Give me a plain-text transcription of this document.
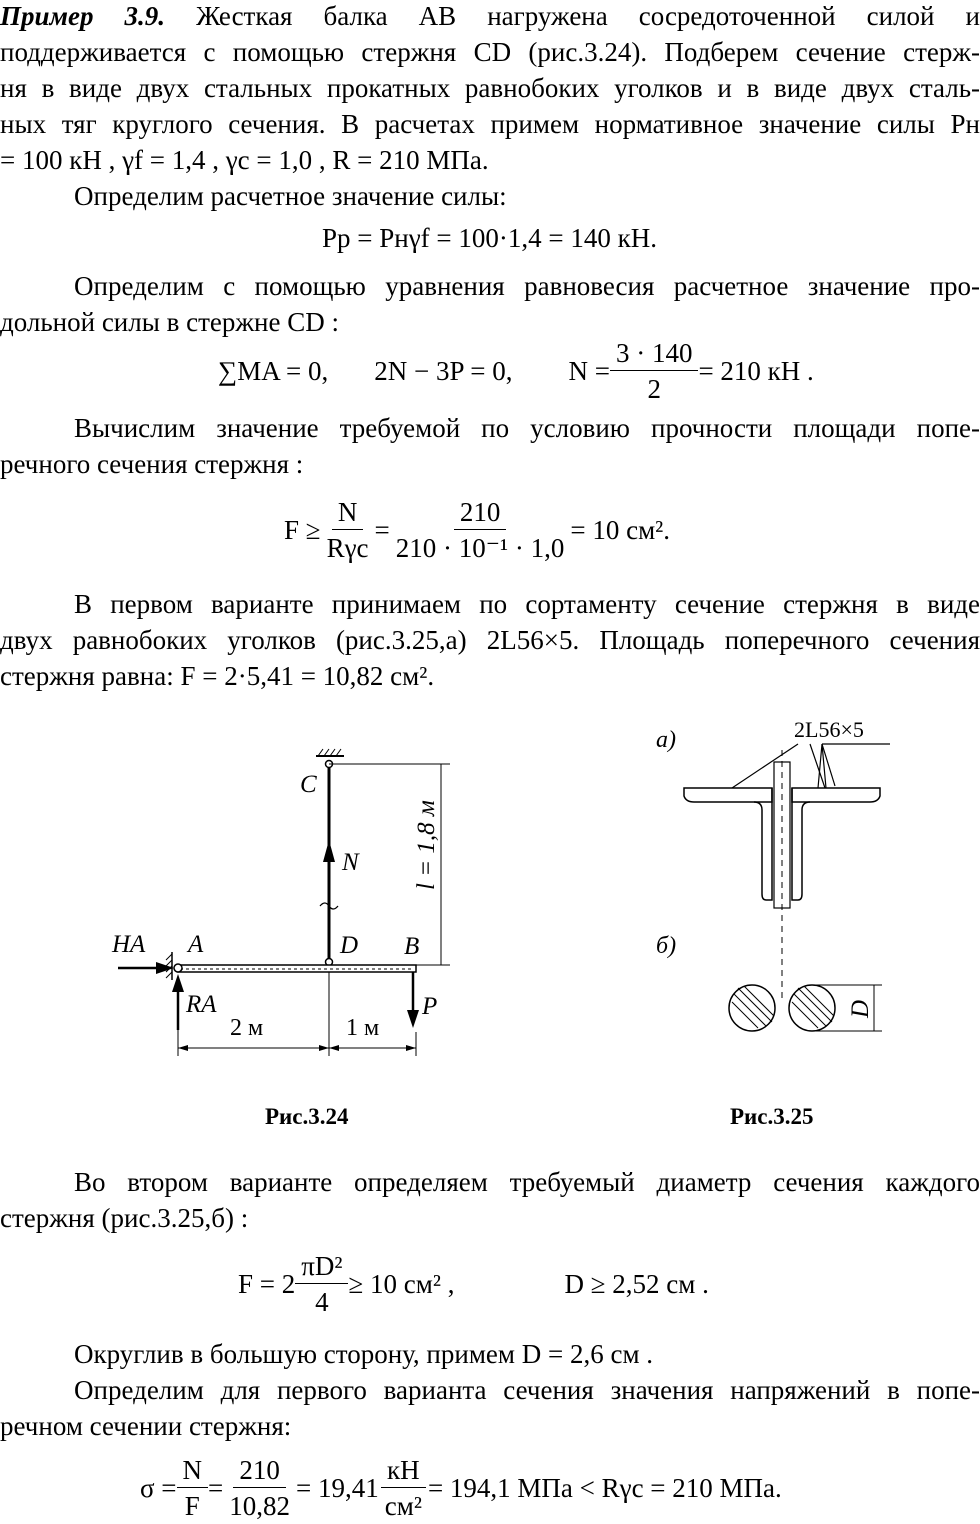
Пример 3.9. Жесткая балка AB нагружена сосредоточенной силой и
поддерживается с помощью стержня CD (рис.3.24). Подберем сечение стерж-
ня в виде двух стальных прокатных равнобоких уголков и в виде двух сталь-
ных тяг круглого сечения. В расчетах примем нормативное значение силы Pн
= 100 кН , γf = 1,4 , γc = 1,0 , R = 210 МПа.
Определим расчетное значение силы:
Pр = Pнγf = 100·1,4 = 140 кН.
Определим с помощью уравнения равновесия расчетное значение про-
дольной силы в стержне CD :
∑MA = 0, 2N − 3P = 0, $N = \frac{3 \cdot 140}{2} = 210$ кН .
Вычислим значение требуемой по условию прочности площади попе-
речного сечения стержня :
$F \ge \frac{N}{\text{Rγc}} = \frac{210}{\text{210 · 10⁻¹ · 1,0}} = 10$ см².
В первом варианте принимаем по сортаменту сечение стержня в виде
двух равнобоких уголков (рис.3.25,а) 2L56×5. Площадь поперечного сечения
стержня равна: F = 2·5,41 = 10,82 см².
C
N l = 1,8 м
HA A	D B
RA	P
2 м	1 м
Рис.3.24
а)	2L56×5
б)
D
Рис.3.25
Во втором варианте определяем требуемый диаметр сечения каждого
стержня (рис.3.25,б) :
$F = 2 \frac{\text{πD²}}{4} \ge 10$ см² ,	D ≥ 2,52 см .
Округлив в большую сторону, примем D = 2,6 см .
Определим для первого варианта сечения значения напряжений в попе-
речном сечении стержня:
$\sigma = \frac{N}{F} = \frac{210}{10,82} = 19,41 \frac{кН}{\text{см²}} = 194,1$ МПа < Rγc = 210 МПа.
